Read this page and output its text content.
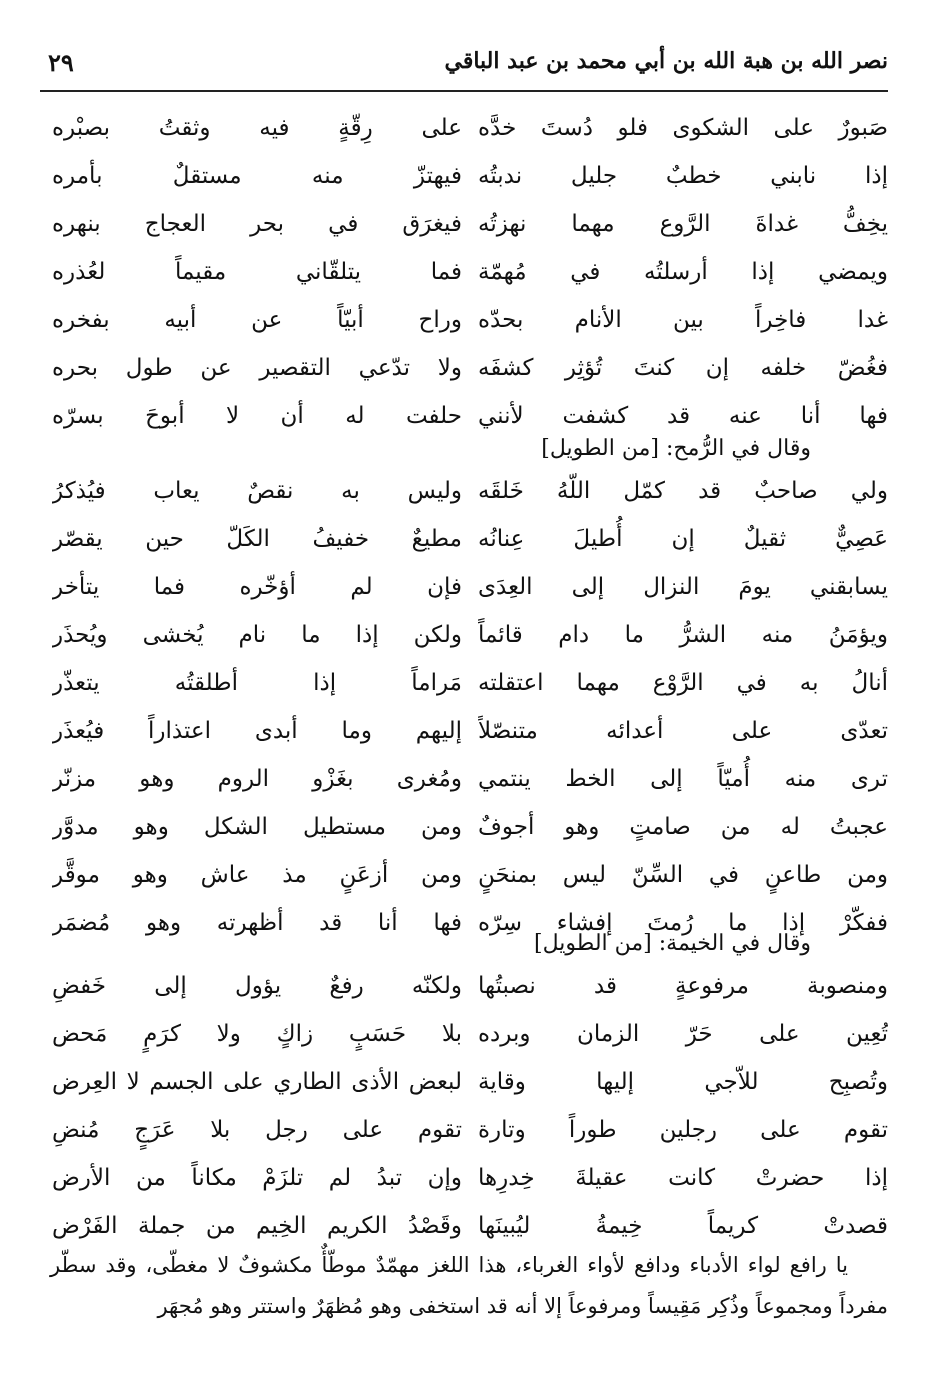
نصر الله بن هبة الله بن أبي محمد بن عبد الباقي
٢٩
صَبورٌ على الشكوى فلو دُستَ خدَّه
إذا نابني خطبٌ جليل ندبتُه
يخِفُّ غداةَ الرَّوع مهما نهزتُه
ويمضي إذا أرسلتُه في مُهمّة
غدا فاخِراً بين الأنام بحدّه
فغُضّ خلفه إن كنتَ تُؤثِر كشفَه
فها أنا عنه قد كشفت لأنني
على رِقّةٍ فيه وثقتُ بصبْره
فيهتزّ منه مستقلٌ بأمره
فيغرَق في بحر العجاج بنهره
فما يتلقّاني مقيماً لعُذره
وراح أبيّاً عن أبيه بفخره
ولا تدّعي التقصير عن طول بحره
حلفت له أن لا أبوحَ بسرّه
وقال في الرُّمح: [من الطويل]
ولي صاحبٌ قد كمّل اللّهُ خَلقَه
عَصِيٌّ ثقيلٌ إن أُطيلَ عِنانُه
يسابقني يومَ النزال إلى العِدَى
ويؤمَنُ منه الشرُّ ما دام قائماً
أنالُ به في الرَّوْع مهما اعتقلته
تعدّى على أعدائه متنصّلاً
ترى منه أُميّاً إلى الخط ينتمي
عجبتُ له من صامتٍ وهو أجوفٌ
ومن طاعنٍ في السِّنّ ليس بمنحَنٍ
ففكّرْ إذا ما رُمتَ إفشاء سِرّه
وليس به نقصٌ يعاب فيُذكرُ
مطيعٌ خفيفُ الكَلّ حين يقصّر
فإن لم أؤخّره فما يتأخر
ولكن إذا ما نام يُخشى ويُحذَر
مَراماً إذا أطلقتُه يتعذّر
إليهم وما أبدى اعتذاراً فيُعذَر
ومُغرى بغَزْو الروم وهو مزنّر
ومن مستطيل الشكل وهو مدوَّر
ومن أزعَنٍ مذ عاش وهو موقَّر
فها أنا قد أظهرته وهو مُضمَر
وقال في الخيمة: [من الطويل]
ومنصوبة مرفوعةٍ قد نصبتُها
تُعِين على حَرّ الزمان وبرده
وتُصبِح للاّجي إليها وقاية
تقوم على رجلين طوراً وتارة
إذا حضرتْ كانت عقيلةَ خِدرِها
قصدتْ كريماً خِيمةُ ليُبينَها
ولكنّه رفعٌ يؤول إلى خَفضِ
بلا حَسَبٍ زاكٍ ولا كرَمٍ مَحض
لبعض الأذى الطاري على الجسم لا العِرض
تقوم على رجل بلا عَرَجٍ مُنضِ
وإن تبدُ لم تلزَمْ مكاناً من الأرض
وقَصْدُ الكريم الخِيم من جملة الفَرْض

يا رافع لواء الأدباء ودافع لأواء الغرباء، هذا اللغز مهمّدٌ موطّأٌ مكشوفٌ لا مغطّى، وقد سطّر مفرداً ومجموعاً وذُكِر مَقِيساً ومرفوعاً إلا أنه قد استخفى وهو مُظهَرٌ واستتر وهو مُجهَر
